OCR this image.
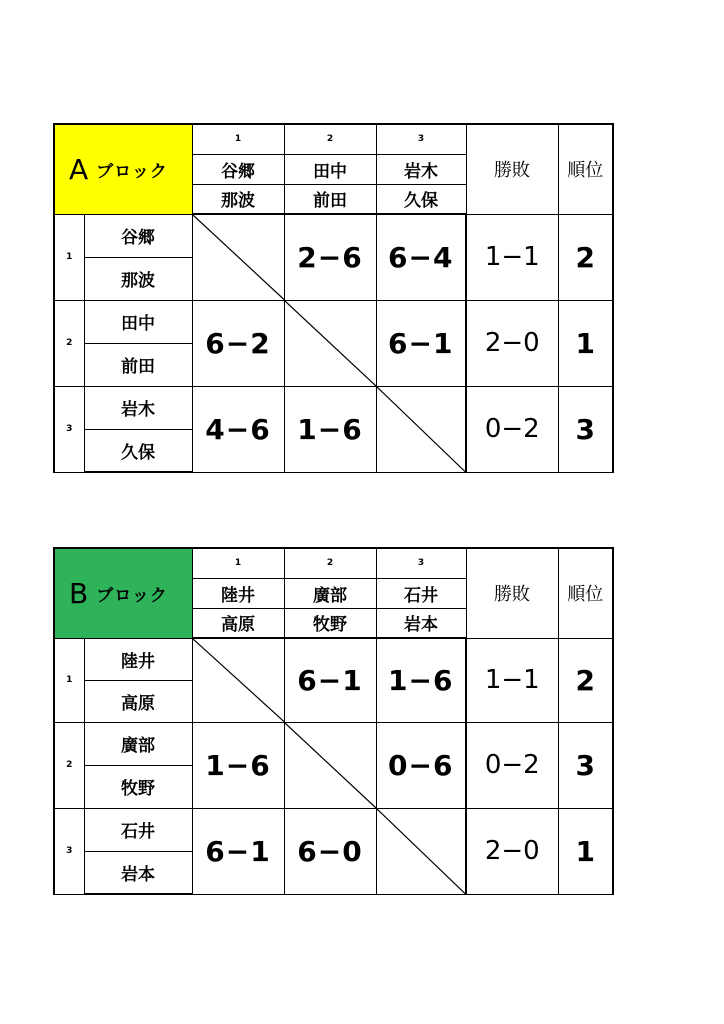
A ブロック		1	2	3	勝敗	順位
		谷郷	田中	岩木		
		那波	前田	久保		
1	谷郷		2−6	6−4	1−1	2
	那波					
2	田中	6−2		6−1	2−0	1
	前田					
3	岩木	4−6	1−6		0−2	3
	久保					
B ブロック		1	2	3	勝敗	順位
		陸井	廣部	石井		
		高原	牧野	岩本		
1	陸井		6−1	1−6	1−1	2
	高原					
2	廣部	1−6		0−6	0−2	3
	牧野					
3	石井	6−1	6−0		2−0	1
	岩本					
